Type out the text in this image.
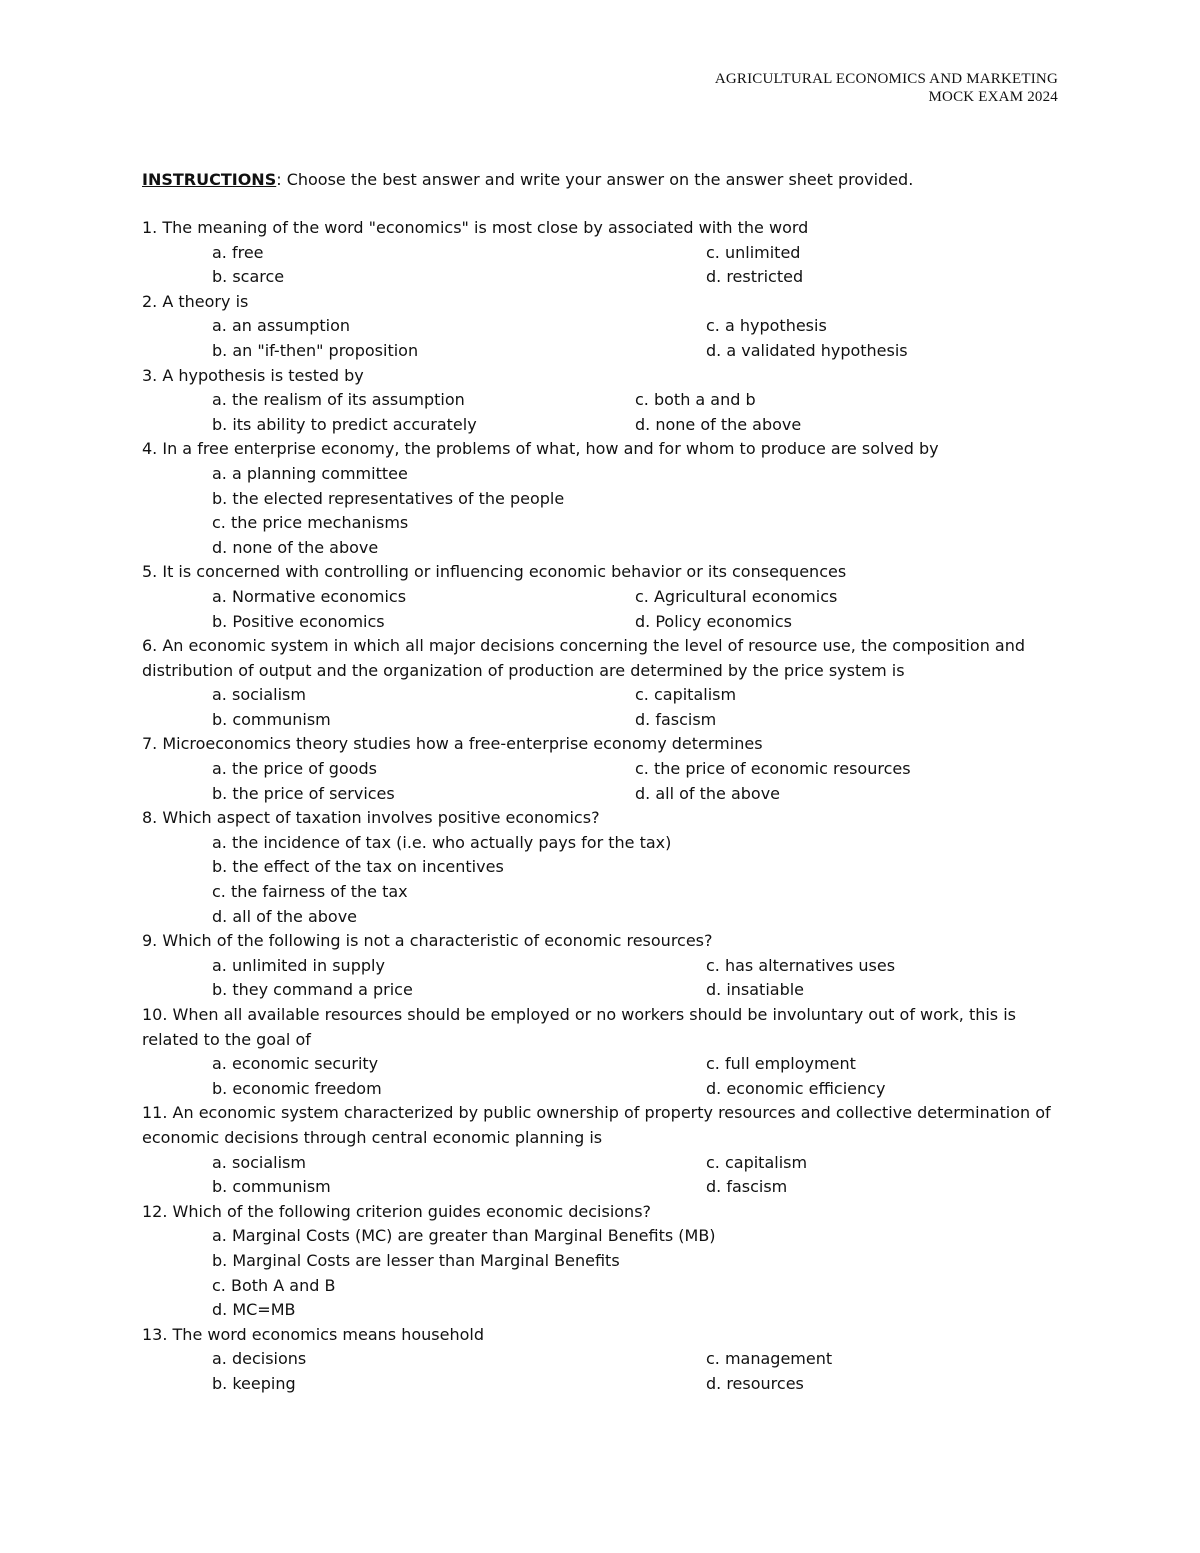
AGRICULTURAL ECONOMICS AND MARKETING
MOCK EXAM 2024
INSTRUCTIONS: Choose the best answer and write your answer on the answer sheet provided.
1. The meaning of the word "economics" is most close by associated with the word
a. free	c. unlimited
b. scarce	d. restricted
2. A theory is
a. an assumption	c. a hypothesis
b. an "if-then" proposition	d. a validated hypothesis
3. A hypothesis is tested by
a. the realism of its assumption	c. both a and b
b. its ability to predict accurately	d. none of the above
4. In a free enterprise economy, the problems of what, how and for whom to produce are solved by
a. a planning committee
b. the elected representatives of the people
c. the price mechanisms
d. none of the above
5. It is concerned with controlling or influencing economic behavior or its consequences
a. Normative economics	c. Agricultural economics
b. Positive economics	d. Policy economics
6. An economic system in which all major decisions concerning the level of resource use, the composition and distribution of output and the organization of production are determined by the price system is
a. socialism	c. capitalism
b. communism	d. fascism
7. Microeconomics theory studies how a free-enterprise economy determines
a. the price of goods	c. the price of economic resources
b. the price of services	d. all of the above
8. Which aspect of taxation involves positive economics?
a. the incidence of tax (i.e. who actually pays for the tax)
b. the effect of the tax on incentives
c. the fairness of the tax
d. all of the above
9. Which of the following is not a characteristic of economic resources?
a. unlimited in supply	c. has alternatives uses
b. they command a price	d. insatiable
10. When all available resources should be employed or no workers should be involuntary out of work, this is related to the goal of
a. economic security	c. full employment
b. economic freedom	d. economic efficiency
11. An economic system characterized by public ownership of property resources and collective determination of economic decisions through central economic planning is
a. socialism	c. capitalism
b. communism	d. fascism
12. Which of the following criterion guides economic decisions?
a. Marginal Costs (MC) are greater than Marginal Benefits (MB)
b. Marginal Costs are lesser than Marginal Benefits
c. Both A and B
d. MC=MB
13. The word economics means household
a. decisions	c. management
b. keeping	d. resources
